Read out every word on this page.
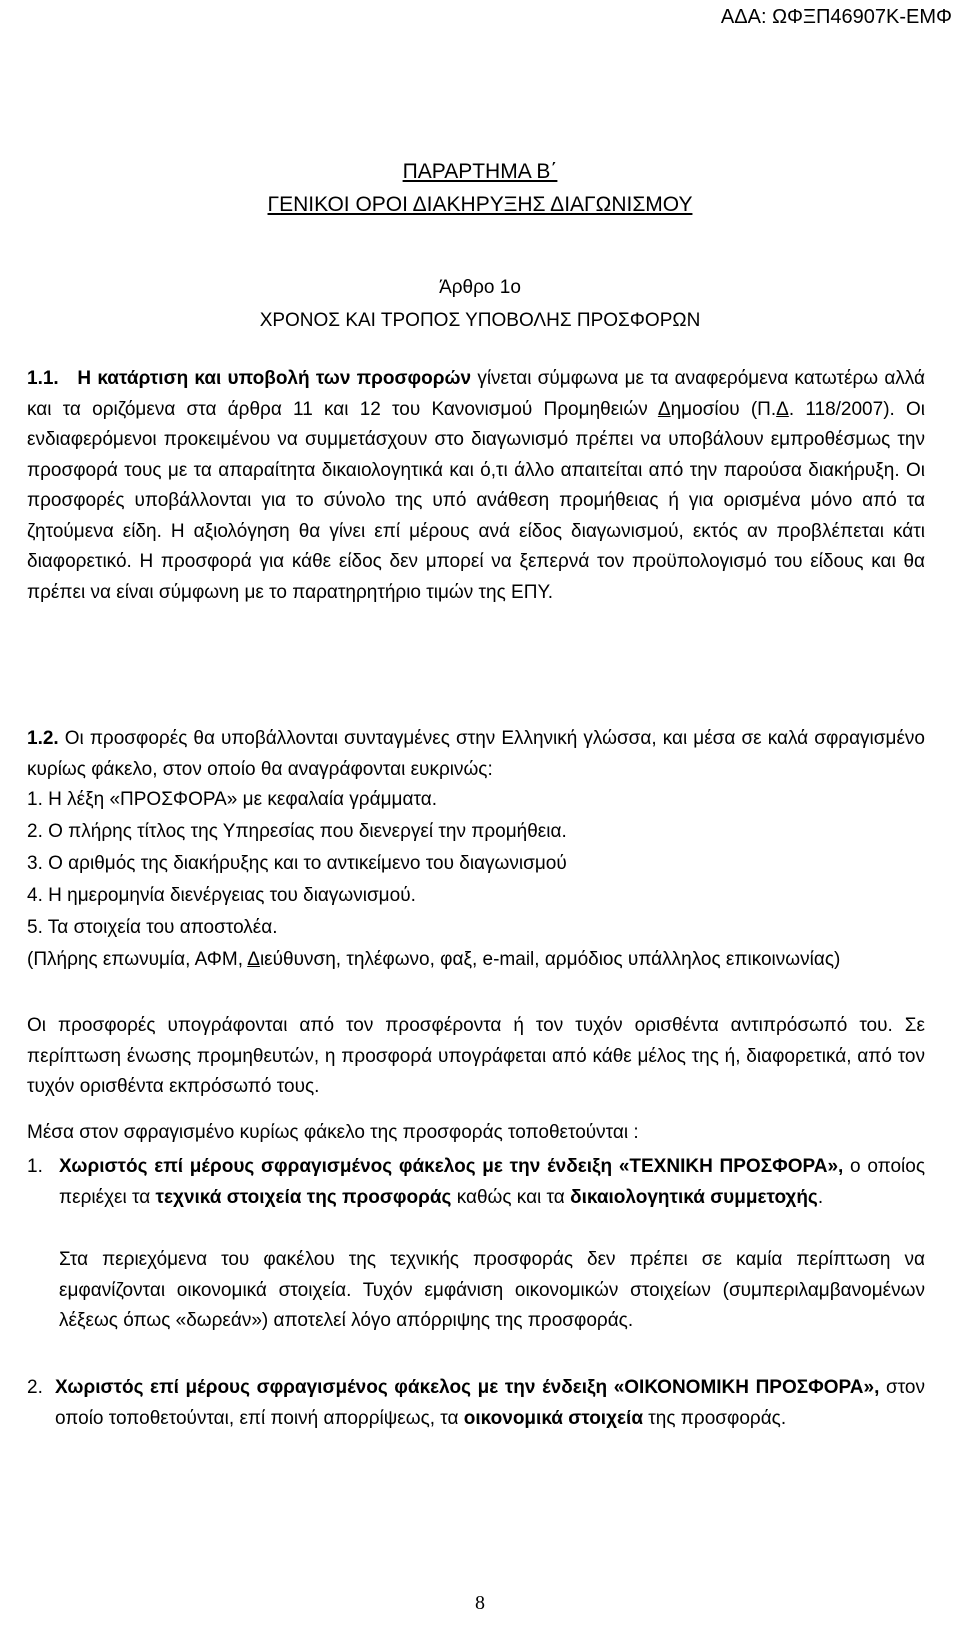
ΑΔΑ: ΩΦΞΠ46907Κ-ΕΜΦ
ΠΑΡΑΡΤΗΜΑ Β΄
ΓΕΝΙΚΟΙ ΟΡΟΙ ΔΙΑΚΗΡΥΞΗΣ ΔΙΑΓΩΝΙΣΜΟΥ
Άρθρο 1ο
ΧΡΟΝΟΣ ΚΑΙ ΤΡΟΠΟΣ ΥΠΟΒΟΛΗΣ ΠΡΟΣΦΟΡΩΝ
1.1. Η κατάρτιση και υποβολή των προσφορών γίνεται σύμφωνα με τα αναφερόμενα κατωτέρω αλλά και τα οριζόμενα στα άρθρα 11 και 12 του Κανονισμού Προμηθειών Δημοσίου (Π.Δ. 118/2007). Οι ενδιαφερόμενοι προκειμένου να συμμετάσχουν στο διαγωνισμό πρέπει να υποβάλουν εμπροθέσμως την προσφορά τους με τα απαραίτητα δικαιολογητικά και ό,τι άλλο απαιτείται από την παρούσα διακήρυξη. Οι προσφορές υποβάλλονται για το σύνολο της υπό ανάθεση προμήθειας ή για ορισμένα μόνο από τα ζητούμενα είδη. Η αξιολόγηση θα γίνει επί μέρους ανά είδος διαγωνισμού, εκτός αν προβλέπεται κάτι διαφορετικό. Η προσφορά για κάθε είδος δεν μπορεί να ξεπερνά τον προϋπολογισμό του είδους και θα πρέπει να είναι σύμφωνη με το παρατηρητήριο τιμών της ΕΠΥ.
1.2. Οι προσφορές θα υποβάλλονται συνταγμένες στην Ελληνική γλώσσα, και μέσα σε καλά σφραγισμένο κυρίως φάκελο, στον οποίο θα αναγράφονται ευκρινώς:
1. Η λέξη «ΠΡΟΣΦΟΡΑ» με κεφαλαία γράμματα.
2. Ο πλήρης τίτλος της Υπηρεσίας που διενεργεί την προμήθεια.
3. Ο αριθμός της διακήρυξης και το αντικείμενο του διαγωνισμού
4. Η ημερομηνία διενέργειας του διαγωνισμού.
5. Τα στοιχεία του αποστολέα.
(Πλήρης επωνυμία, ΑΦΜ, Διεύθυνση, τηλέφωνο, φαξ, e-mail, αρμόδιος υπάλληλος επικοινωνίας)
Οι προσφορές υπογράφονται από τον προσφέροντα ή τον τυχόν ορισθέντα αντιπρόσωπό του. Σε περίπτωση ένωσης προμηθευτών, η προσφορά υπογράφεται από κάθε μέλος της ή, διαφορετικά, από τον τυχόν ορισθέντα εκπρόσωπό τους.
Μέσα στον σφραγισμένο κυρίως φάκελο της προσφοράς τοποθετούνται :
1. Χωριστός επί μέρους σφραγισμένος φάκελος με την ένδειξη «ΤΕΧΝΙΚΗ ΠΡΟΣΦΟΡΑ», ο οποίος περιέχει τα τεχνικά στοιχεία της προσφοράς καθώς και τα δικαιολογητικά συμμετοχής.
Στα περιεχόμενα του φακέλου της τεχνικής προσφοράς δεν πρέπει σε καμία περίπτωση να εμφανίζονται οικονομικά στοιχεία. Τυχόν εμφάνιση οικονομικών στοιχείων (συμπεριλαμβανομένων λέξεως όπως «δωρεάν») αποτελεί λόγο απόρριψης της προσφοράς.
2. Χωριστός επί μέρους σφραγισμένος φάκελος με την ένδειξη «ΟΙΚΟΝΟΜΙΚΗ ΠΡΟΣΦΟΡΑ», στον οποίο τοποθετούνται, επί ποινή απορρίψεως, τα οικονομικά στοιχεία της προσφοράς.
8
